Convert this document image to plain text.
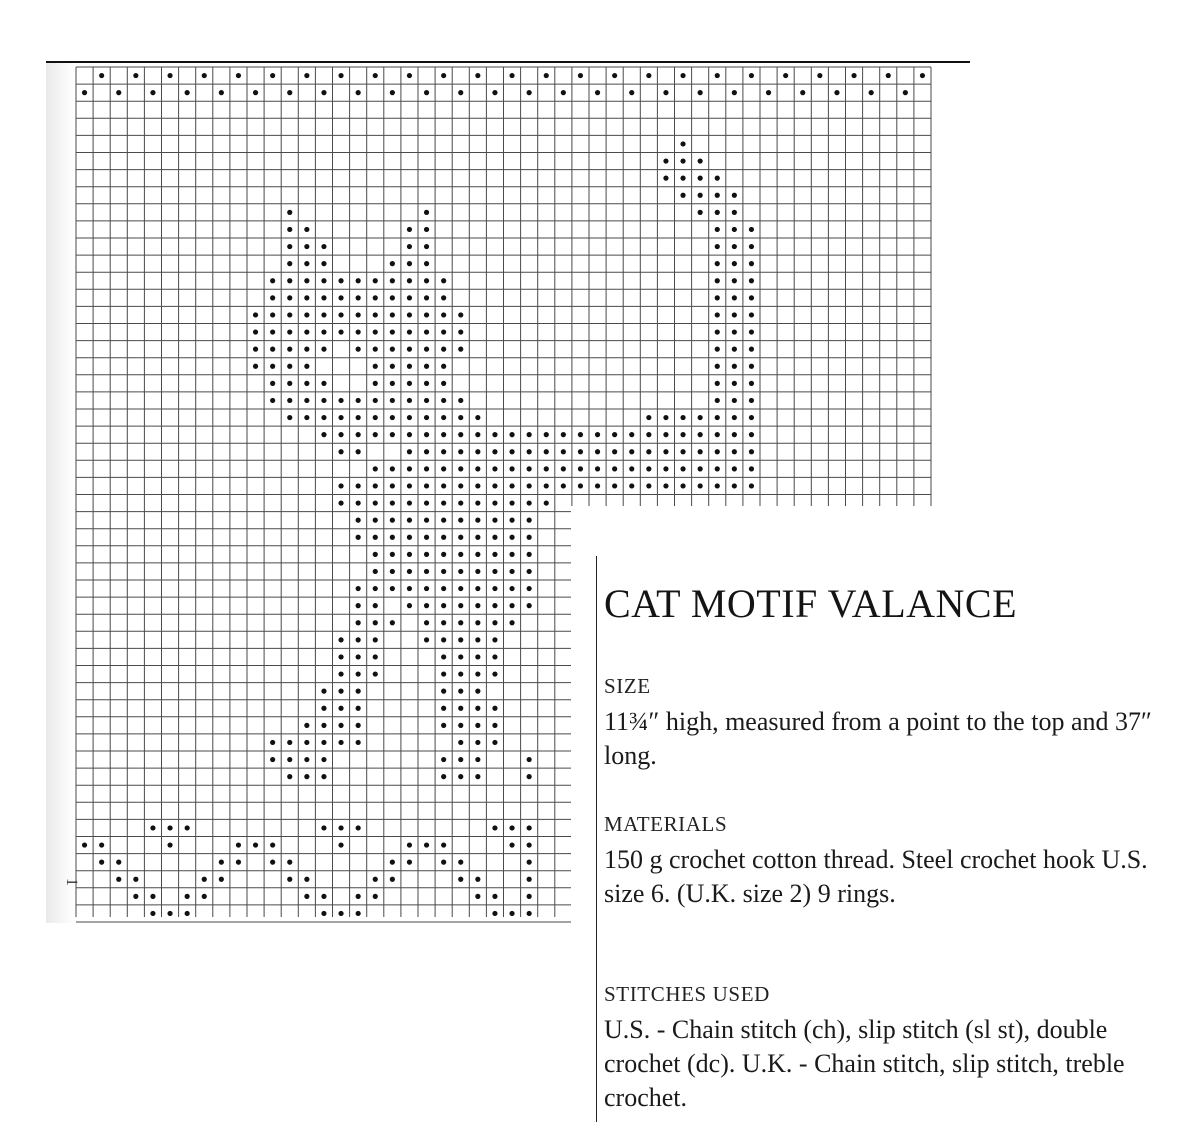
1
CAT MOTIF VALANCE
SIZE

11¾″ high, measured from a point to the top and 37″ long.

MATERIALS

150 g crochet cotton thread. Steel crochet hook U.S. size 6. (U.K. size 2) 9 rings.

STITCHES USED

U.S. - Chain stitch (ch), slip stitch (sl st), double crochet (dc). U.K. - Chain stitch, slip stitch, treble crochet.
